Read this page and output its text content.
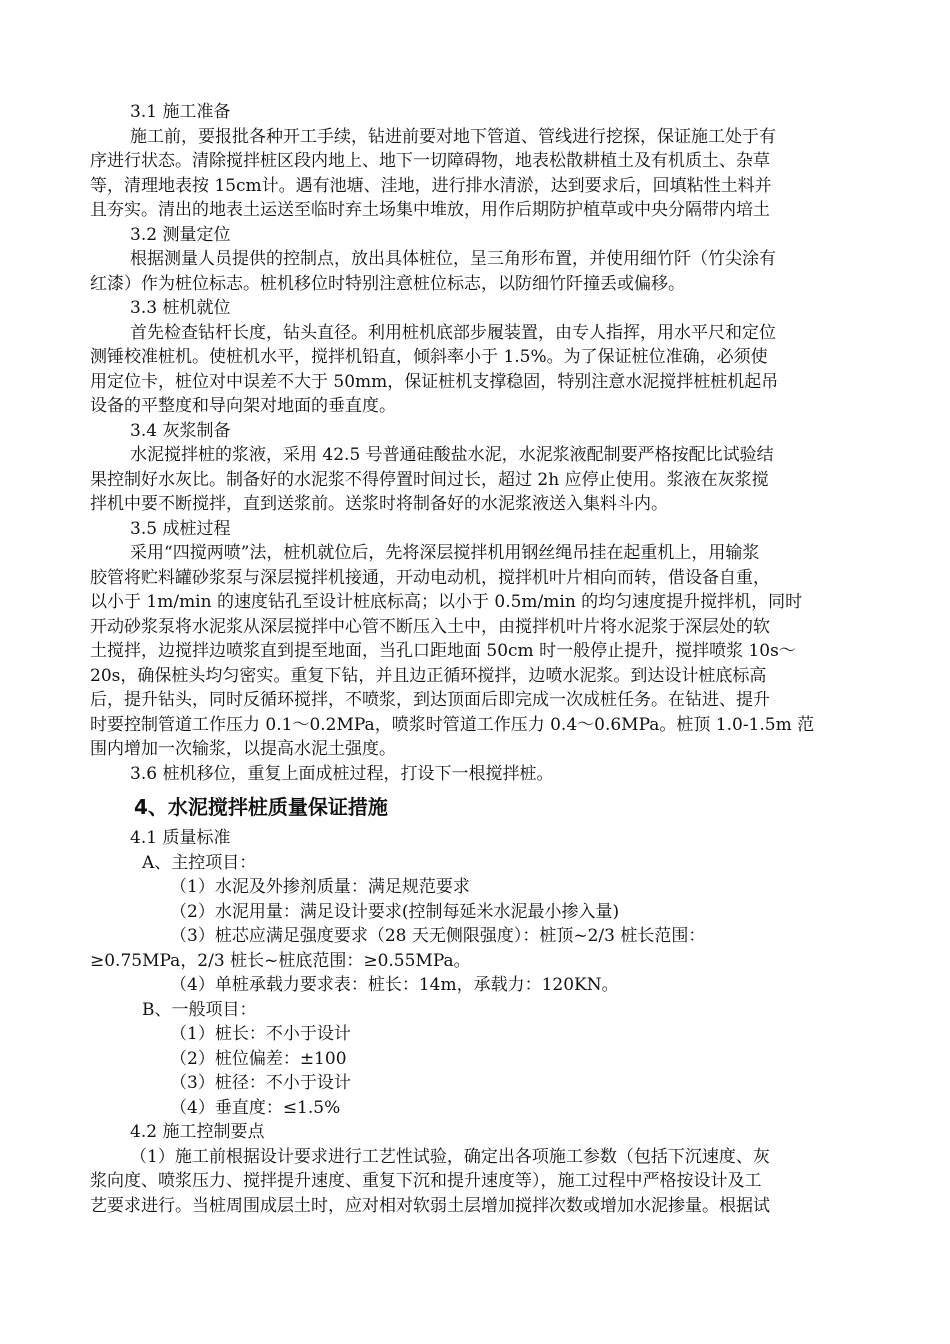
3.1 施工准备
施工前，要报批各种开工手续，钻进前要对地下管道、管线进行挖探，保证施工处于有
序进行状态。清除搅拌桩区段内地上、地下一切障碍物，地表松散耕植土及有机质土、杂草
等，清理地表按 15cm计。遇有池塘、洼地，进行排水清淤，达到要求后，回填粘性土料并
且夯实。清出的地表土运送至临时弃土场集中堆放，用作后期防护植草或中央分隔带内培土
3.2 测量定位
根据测量人员提供的控制点，放出具体桩位，呈三角形布置，并使用细竹阡（竹尖涂有
红漆）作为桩位标志。桩机移位时特别注意桩位标志，以防细竹阡撞丢或偏移。
3.3 桩机就位
首先检查钻杆长度，钻头直径。利用桩机底部步履装置，由专人指挥，用水平尺和定位
测锤校准桩机。使桩机水平，搅拌机铅直，倾斜率小于 1.5%。为了保证桩位准确，必须使
用定位卡，桩位对中误差不大于 50mm，保证桩机支撑稳固，特别注意水泥搅拌桩桩机起吊
设备的平整度和导向架对地面的垂直度。
3.4 灰浆制备
水泥搅拌桩的浆液，采用 42.5 号普通硅酸盐水泥，水泥浆液配制要严格按配比试验结
果控制好水灰比。制备好的水泥浆不得停置时间过长，超过 2h 应停止使用。浆液在灰浆搅
拌机中要不断搅拌，直到送浆前。送浆时将制备好的水泥浆液送入集料斗内。
3.5 成桩过程
采用“四搅两喷”法，桩机就位后，先将深层搅拌机用钢丝绳吊挂在起重机上，用输浆
胶管将贮料罐砂浆泵与深层搅拌机接通，开动电动机，搅拌机叶片相向而转，借设备自重，
以小于 1m/min 的速度钻孔至设计桩底标高；以小于 0.5m/min 的均匀速度提升搅拌机，同时
开动砂浆泵将水泥浆从深层搅拌中心管不断压入土中，由搅拌机叶片将水泥浆于深层处的软
土搅拌，边搅拌边喷浆直到提至地面，当孔口距地面 50cm 时一般停止提升，搅拌喷浆 10s～
20s，确保桩头均匀密实。重复下钻，并且边正循环搅拌，边喷水泥浆。到达设计桩底标高
后，提升钻头，同时反循环搅拌，不喷浆，到达顶面后即完成一次成桩任务。在钻进、提升
时要控制管道工作压力 0.1～0.2MPa，喷浆时管道工作压力 0.4～0.6MPa。桩顶 1.0-1.5m 范
围内增加一次输浆，以提高水泥土强度。
3.6 桩机移位，重复上面成桩过程，打设下一根搅拌桩。
4、水泥搅拌桩质量保证措施
4.1 质量标准
A、主控项目：
（1）水泥及外掺剂质量：满足规范要求
（2）水泥用量：满足设计要求(控制每延米水泥最小掺入量)
（3）桩芯应满足强度要求（28 天无侧限强度）：桩顶~2/3 桩长范围：
≥0.75MPa，2/3 桩长~桩底范围：≥0.55MPa。
（4）单桩承载力要求表：桩长：14m，承载力：120KN。
B、一般项目：
（1）桩长：不小于设计
（2）桩位偏差：±100
（3）桩径：不小于设计
（4）垂直度：≤1.5%
4.2 施工控制要点
（1）施工前根据设计要求进行工艺性试验，确定出各项施工参数（包括下沉速度、灰
浆向度、喷浆压力、搅拌提升速度、重复下沉和提升速度等），施工过程中严格按设计及工
艺要求进行。当桩周围成层土时，应对相对软弱土层增加搅拌次数或增加水泥掺量。根据试
